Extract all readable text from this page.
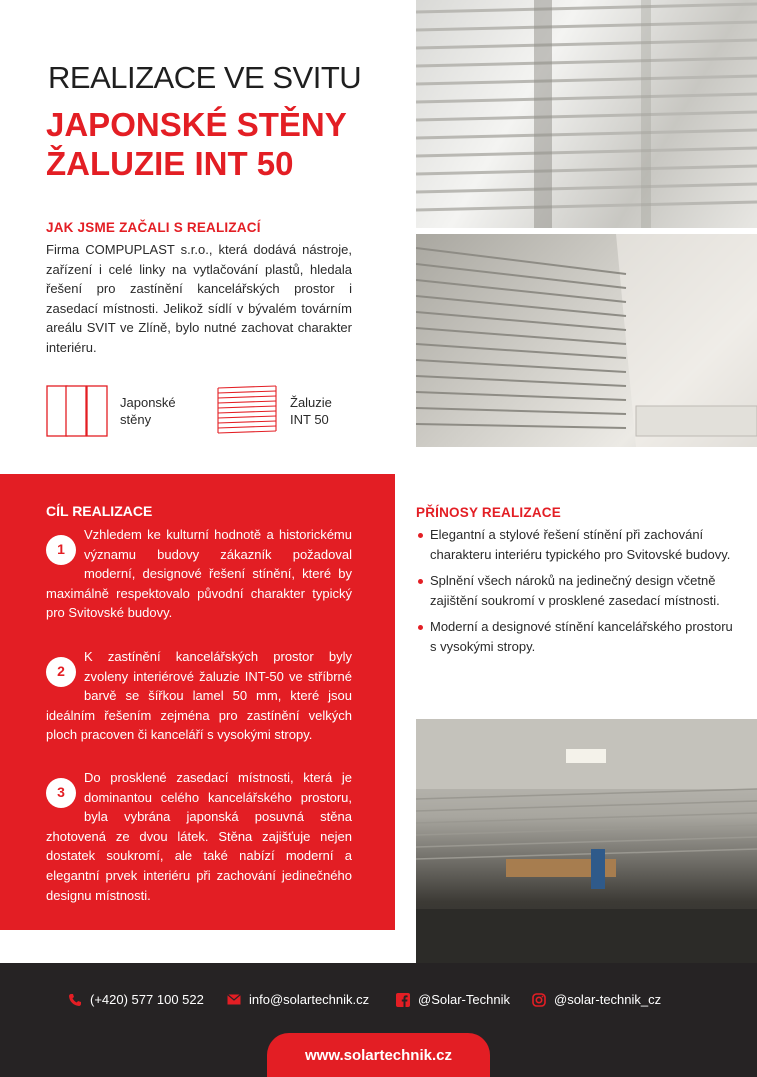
REALIZACE VE SVITU
JAPONSKÉ STĚNY
ŽALUZIE INT 50
JAK JSME ZAČALI S REALIZACÍ
Firma COMPUPLAST s.r.o., která dodává nástroje, zařízení i celé linky na vytlačování plastů, hledala řešení pro zastínění kancelářských prostor i zasedací místnosti. Jelikož sídlí v bývalém továrním areálu SVIT ve Zlíně, bylo nutné zachovat charakter interiéru.
Japonské
stěny
Žaluzie
INT 50
CÍL REALIZACE
1
Vzhledem ke kulturní hodnotě a historickému významu budovy zákazník požadoval moderní, designové řešení stínění, které by maximálně respektovalo původní charakter typický pro Svitovské budovy.
2
K zastínění kancelářských prostor byly zvoleny interiérové žaluzie INT-50 ve stříbrné barvě se šířkou lamel 50 mm, které jsou ideálním řešením zejména pro zastínění velkých ploch pracoven či kanceláří s vysokými stropy.
3
Do prosklené zasedací místnosti, která je dominantou celého kancelářského prostoru, byla vybrána japonská posuvná stěna zhotovená ze dvou látek. Stěna zajišťuje nejen dostatek soukromí, ale také nabízí moderní a elegantní prvek interiéru při zachování jedinečného designu místnosti.
PŘÍNOSY REALIZACE
Elegantní a stylové řešení stínění při zachování charakteru interiéru typického pro Svitovské budovy.
Splnění všech nároků na jedinečný design včetně zajištění soukromí v prosklené zasedací místnosti.
Moderní a designové stínění kancelářského prostoru s vysokými stropy.
(+420) 577 100 522	info@solartechnik.cz	@Solar-Technik	@solar-technik_cz
www.solartechnik.cz
